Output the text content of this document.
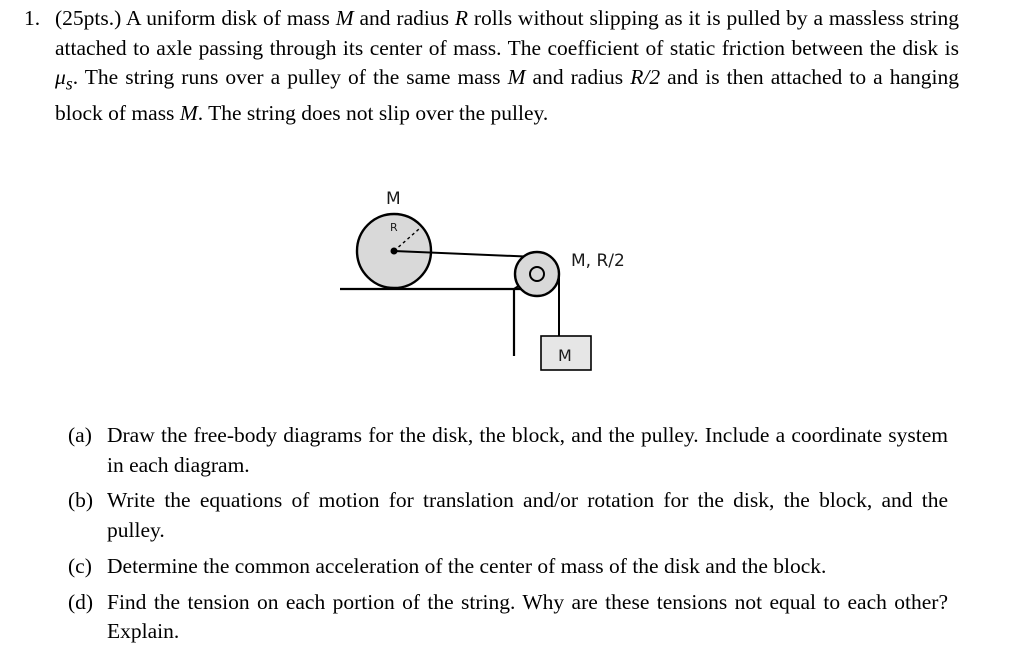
1. (25pts.) A uniform disk of mass M and radius R rolls without slipping as it is pulled by a massless string attached to axle passing through its center of mass. The coefficient of static friction between the disk is $\mu_s$. The string runs over a pulley of the same mass M and radius R/2 and is then attached to a hanging block of mass M. The string does not slip over the pulley.
M
R
M, R/2
M
(a) Draw the free-body diagrams for the disk, the block, and the pulley. Include a coordinate system in each diagram.
(b) Write the equations of motion for translation and/or rotation for the disk, the block, and the pulley.
(c) Determine the common acceleration of the center of mass of the disk and the block.
(d) Find the tension on each portion of the string. Why are these tensions not equal to each other? Explain.
